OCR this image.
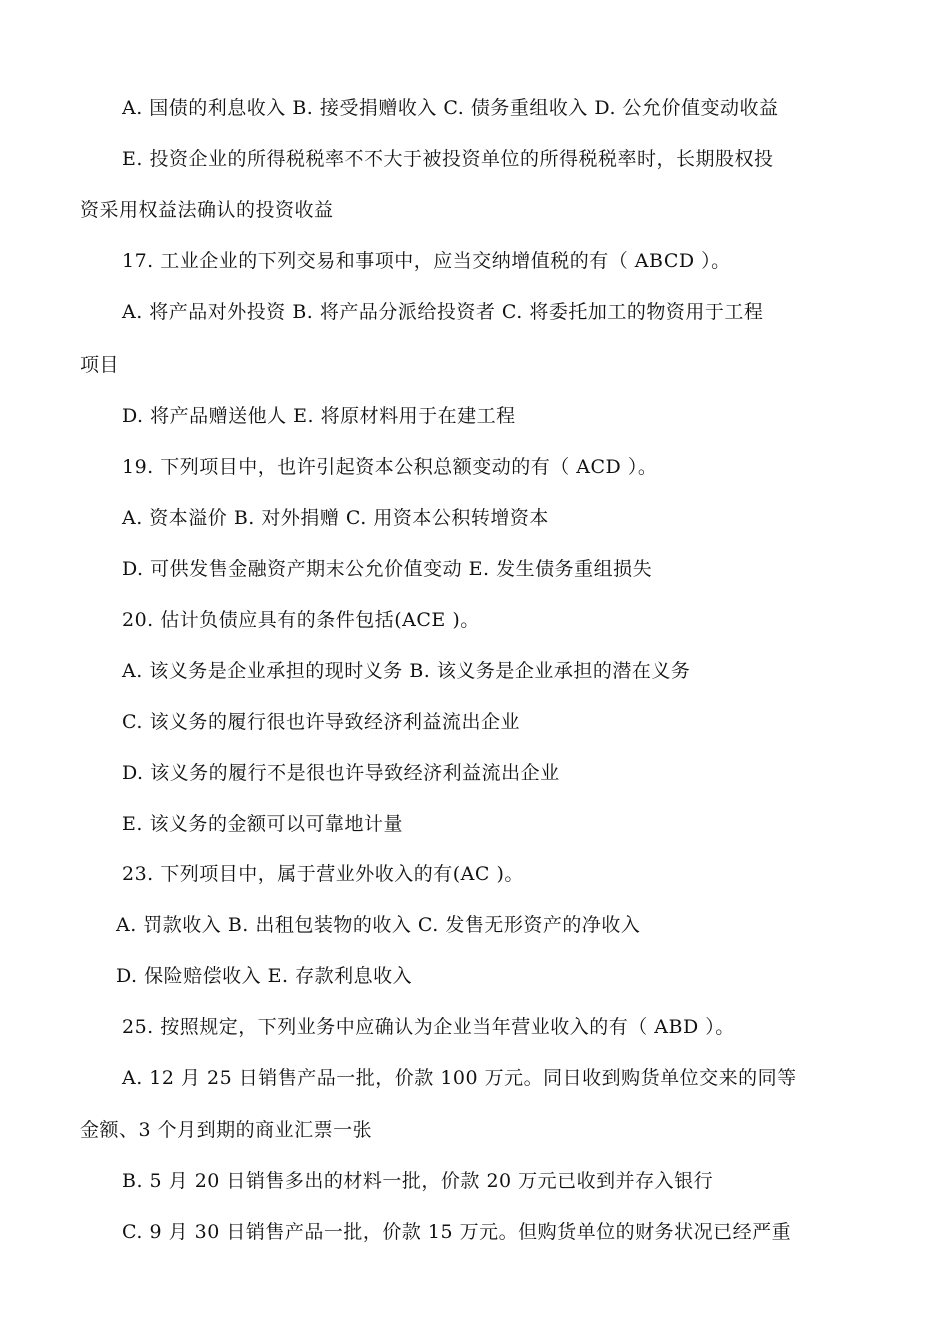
A. 国债的利息收入 B. 接受捐赠收入 C. 债务重组收入 D. 公允价值变动收益
E. 投资企业的所得税税率不不大于被投资单位的所得税税率时，长期股权投
资采用权益法确认的投资收益
17. 工业企业的下列交易和事项中，应当交纳增值税的有（ ABCD ）。
A. 将产品对外投资 B. 将产品分派给投资者 C. 将委托加工的物资用于工程
项目
D. 将产品赠送他人 E. 将原材料用于在建工程
19. 下列项目中，也许引起资本公积总额变动的有（ ACD ）。
A. 资本溢价 B. 对外捐赠 C. 用资本公积转增资本
D. 可供发售金融资产期末公允价值变动 E. 发生债务重组损失
20. 估计负债应具有的条件包括(ACE )。
A. 该义务是企业承担的现时义务 B. 该义务是企业承担的潜在义务
C. 该义务的履行很也许导致经济利益流出企业
D. 该义务的履行不是很也许导致经济利益流出企业
E. 该义务的金额可以可靠地计量
23. 下列项目中，属于营业外收入的有(AC )。
A. 罚款收入 B. 出租包装物的收入 C. 发售无形资产的净收入
D. 保险赔偿收入 E. 存款利息收入
25. 按照规定，下列业务中应确认为企业当年营业收入的有（ ABD ）。
A. 12 月 25 日销售产品一批，价款 100 万元。同日收到购货单位交来的同等
金额、3 个月到期的商业汇票一张
B. 5 月 20 日销售多出的材料一批，价款 20 万元已收到并存入银行
C. 9 月 30 日销售产品一批，价款 15 万元。但购货单位的财务状况已经严重
